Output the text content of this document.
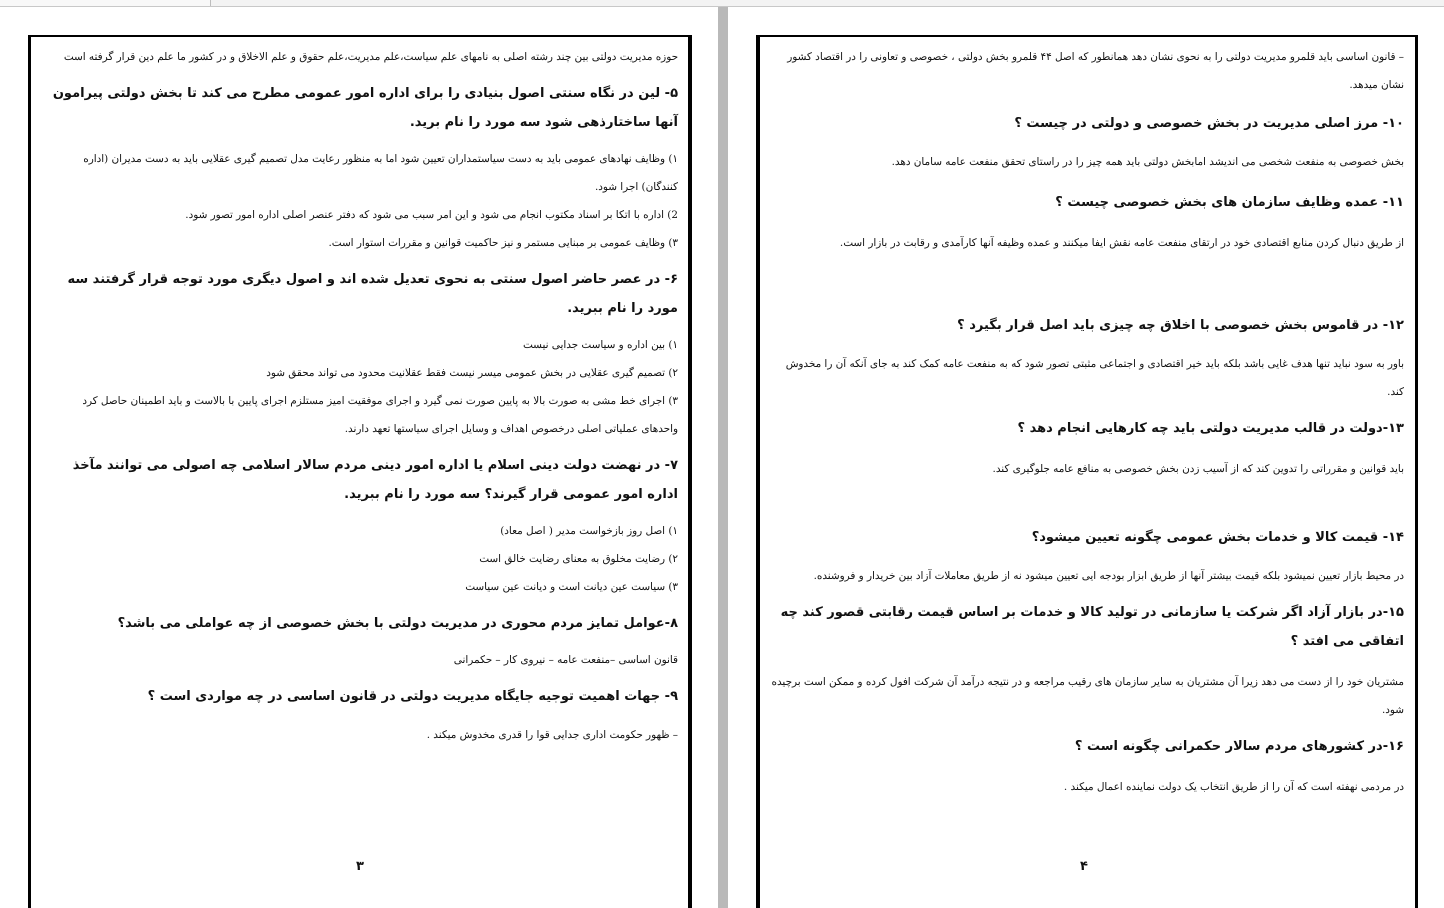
حوزه مدیریت دولتی بین چند رشته اصلی به نامهای علم سیاست،علم مدیریت،علم حقوق و علم الاخلاق و در کشور ما علم دین قرار گرفته است

۵- لین در نگاه سنتی اصول بنیادی را برای اداره امور عمومی مطرح می کند تا بخش دولتی پیرامون آنها ساختارذهی شود سه مورد را نام برید.

۱) وظایف نهادهای عمومی باید به دست سیاستمداران تعیین شود اما به منظور رعایت مدل تصمیم گیری عقلایی باید به دست مدیران (اداره کنندگان) اجرا شود.

2) اداره با اتکا بر اسناد مکتوب انجام می شود و این امر سبب می شود که دفتر عنصر اصلی اداره امور تصور شود.

۳) وظایف عمومی بر مبنایی مستمر و نیز حاکمیت قوانین و مقررات استوار است.

۶- در عصر حاضر اصول سنتی به نحوی تعدیل شده اند و اصول دیگری مورد توجه قرار گرفتند سه مورد را نام ببرید.

۱) بین اداره و سیاست جدایی نیست

۲) تصمیم گیری عقلایی در بخش عمومی میسر نیست فقط عقلانیت محدود می تواند محقق شود

۳) اجرای خط مشی به صورت بالا به پایین صورت نمی گیرد و اجرای موفقیت امیز مستلزم اجرای پایین با بالاست و باید اطمینان حاصل کرد واحدهای عملیاتی اصلی درخصوص اهداف و وسایل اجرای سیاستها تعهد دارند.

۷- در نهضت دولت دینی اسلام یا اداره امور دینی مردم سالار اسلامی چه اصولی می توانند مآخذ اداره امور عمومی قرار گیرند؟ سه مورد را نام ببرید.

۱) اصل روز بازخواست مدیر ( اصل معاد)

۲) رضایت مخلوق به معنای رضایت خالق است

۳) سیاست عین دیانت است و دیانت عین سیاست

۸-عوامل تمایز مردم محوری در مدیریت دولتی با بخش خصوصی از چه عواملی می باشد؟

قانون اساسی –منفعت عامه – نیروی کار – حکمرانی

۹- جهات اهمیت توجیه جایگاه مدیریت دولتی در قانون اساسی در چه مواردی است ؟

– ظهور حکومت اداری جدایی قوا را قدری مخدوش میکند .

۳

– قانون اساسی باید قلمرو مدیریت دولتی را به نحوی نشان دهد همانطور که اصل ۴۴ قلمرو بخش دولتی ، خصوصی و تعاونی را در اقتصاد کشور نشان میدهد.

۱۰- مرز اصلی مدیریت در بخش خصوصی و دولتی در چیست ؟

بخش خصوصی به منفعت شخصی می اندیشد امابخش دولتی باید همه چیز را در راستای تحقق منفعت عامه سامان دهد.

۱۱- عمده وظایف سازمان های بخش خصوصی چیست ؟

از طریق دنبال کردن منابع اقتصادی خود در ارتقای منفعت عامه نقش ایفا میکنند و عمده وظیفه آنها کارآمدی و رقابت در بازار است.

۱۲- در قاموس بخش خصوصی با اخلاق چه چیزی باید اصل قرار بگیرد ؟

باور به سود نباید تنها هدف غایی باشد بلکه باید خیر اقتصادی و اجتماعی مثبتی تصور شود که به منفعت عامه کمک کند به جای آنکه آن را مخدوش کند.

۱۳-دولت در قالب مدیریت دولتی باید چه کارهایی انجام دهد ؟

باید قوانین و مقرراتی را تدوین کند که از آسیب زدن بخش خصوصی به منافع عامه جلوگیری کند.

۱۴- قیمت کالا و خدمات بخش عمومی چگونه تعیین میشود؟

در محیط بازار تعیین نمیشود بلکه قیمت بیشتر آنها از طریق ابزار بودجه ایی تعیین میشود نه از طریق معاملات آزاد بین خریدار و فروشنده.

۱۵-در بازار آزاد اگر شرکت یا سازمانی در تولید کالا و خدمات بر اساس قیمت رقابتی قصور کند چه اتفاقی می افتد ؟

مشتریان خود را از دست می دهد زیرا آن مشتریان به سایر سازمان های رقیب مراجعه و در نتیجه درآمد آن شرکت افول کرده و ممکن است برچیده شود.

۱۶-در کشورهای مردم سالار حکمرانی چگونه است ؟

در مردمی نهفته است که آن را از طریق انتخاب یک دولت نماینده اعمال میکند .

۴
